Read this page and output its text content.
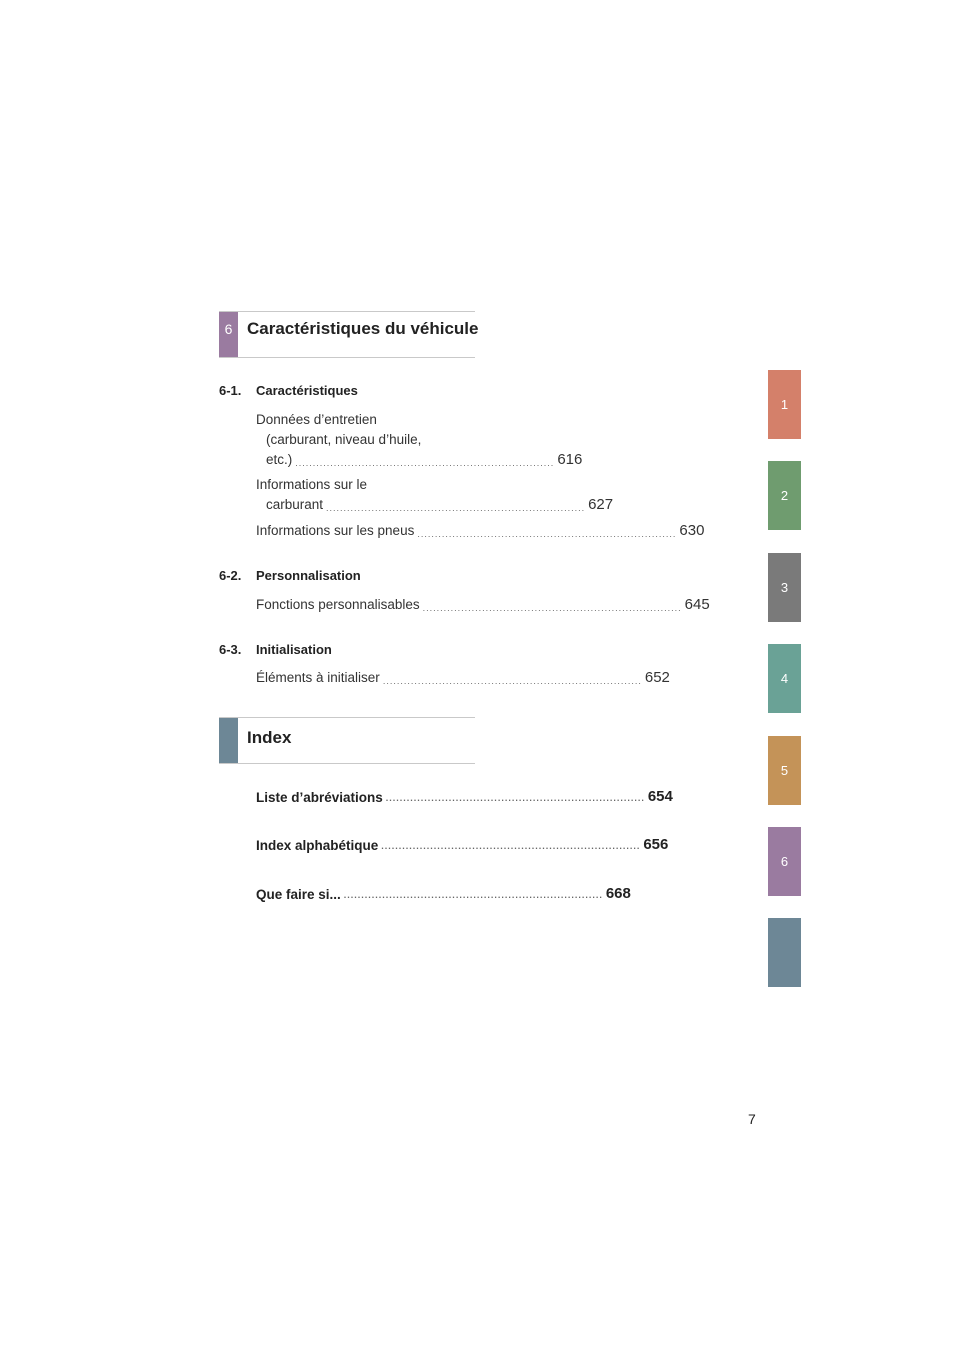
6 Caractéristiques du véhicule
6-1. Caractéristiques
Données d’entretien
(carburant, niveau d’huile,
etc.) .......................................................................... 616
Informations sur le
carburant .......................................................................... 627
Informations sur les pneus .......................................................................... 630
6-2. Personnalisation
Fonctions personnalisables .......................................................................... 645
6-3. Initialisation
Éléments à initialiser .......................................................................... 652
Index
Liste d’abréviations .......................................................................... 654
Index alphabétique .......................................................................... 656
Que faire si... .......................................................................... 668
1
2
3
4
5
6
7
